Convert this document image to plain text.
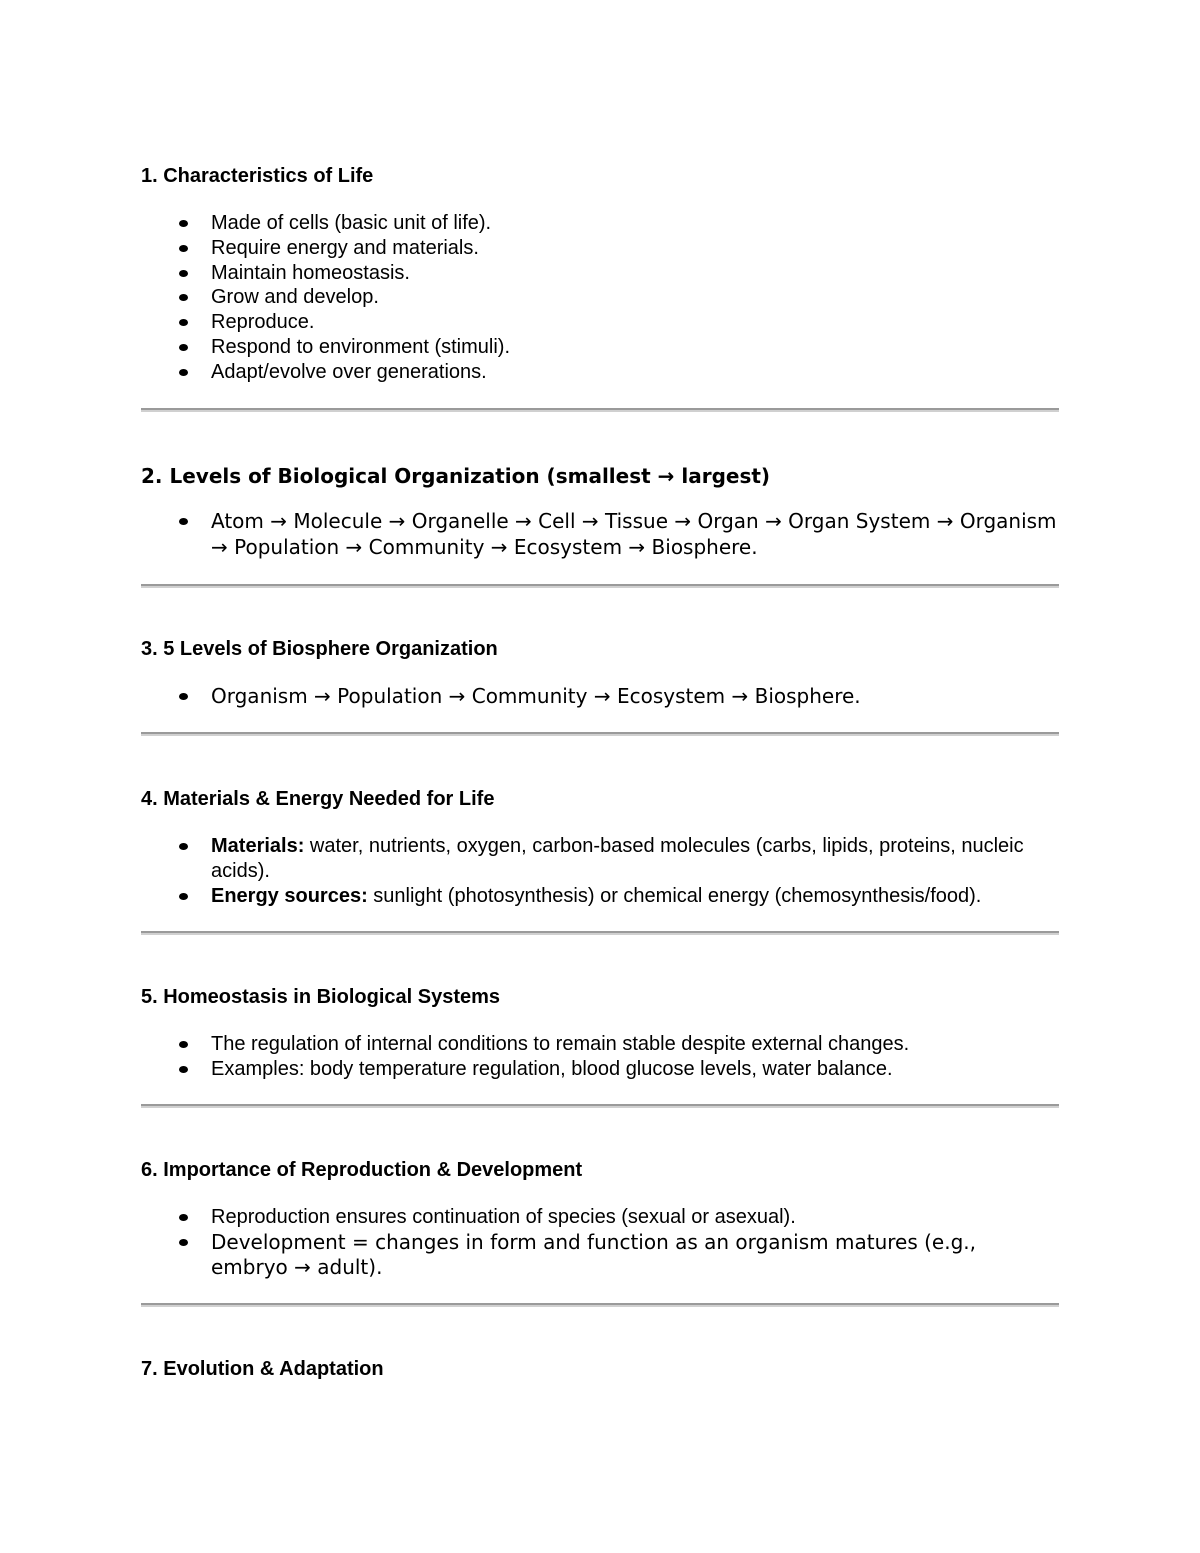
1. Characteristics of Life
Made of cells (basic unit of life).
Require energy and materials.
Maintain homeostasis.
Grow and develop.
Reproduce.
Respond to environment (stimuli).
Adapt/evolve over generations.
2. Levels of Biological Organization (smallest → largest)
Atom → Molecule → Organelle → Cell → Tissue → Organ → Organ System → Organism → Population → Community → Ecosystem → Biosphere.
3. 5 Levels of Biosphere Organization
Organism → Population → Community → Ecosystem → Biosphere.
4. Materials & Energy Needed for Life
Materials: water, nutrients, oxygen, carbon-based molecules (carbs, lipids, proteins, nucleic acids).
Energy sources: sunlight (photosynthesis) or chemical energy (chemosynthesis/food).
5. Homeostasis in Biological Systems
The regulation of internal conditions to remain stable despite external changes.
Examples: body temperature regulation, blood glucose levels, water balance.
6. Importance of Reproduction & Development
Reproduction ensures continuation of species (sexual or asexual).
Development = changes in form and function as an organism matures (e.g., embryo → adult).
7. Evolution & Adaptation
